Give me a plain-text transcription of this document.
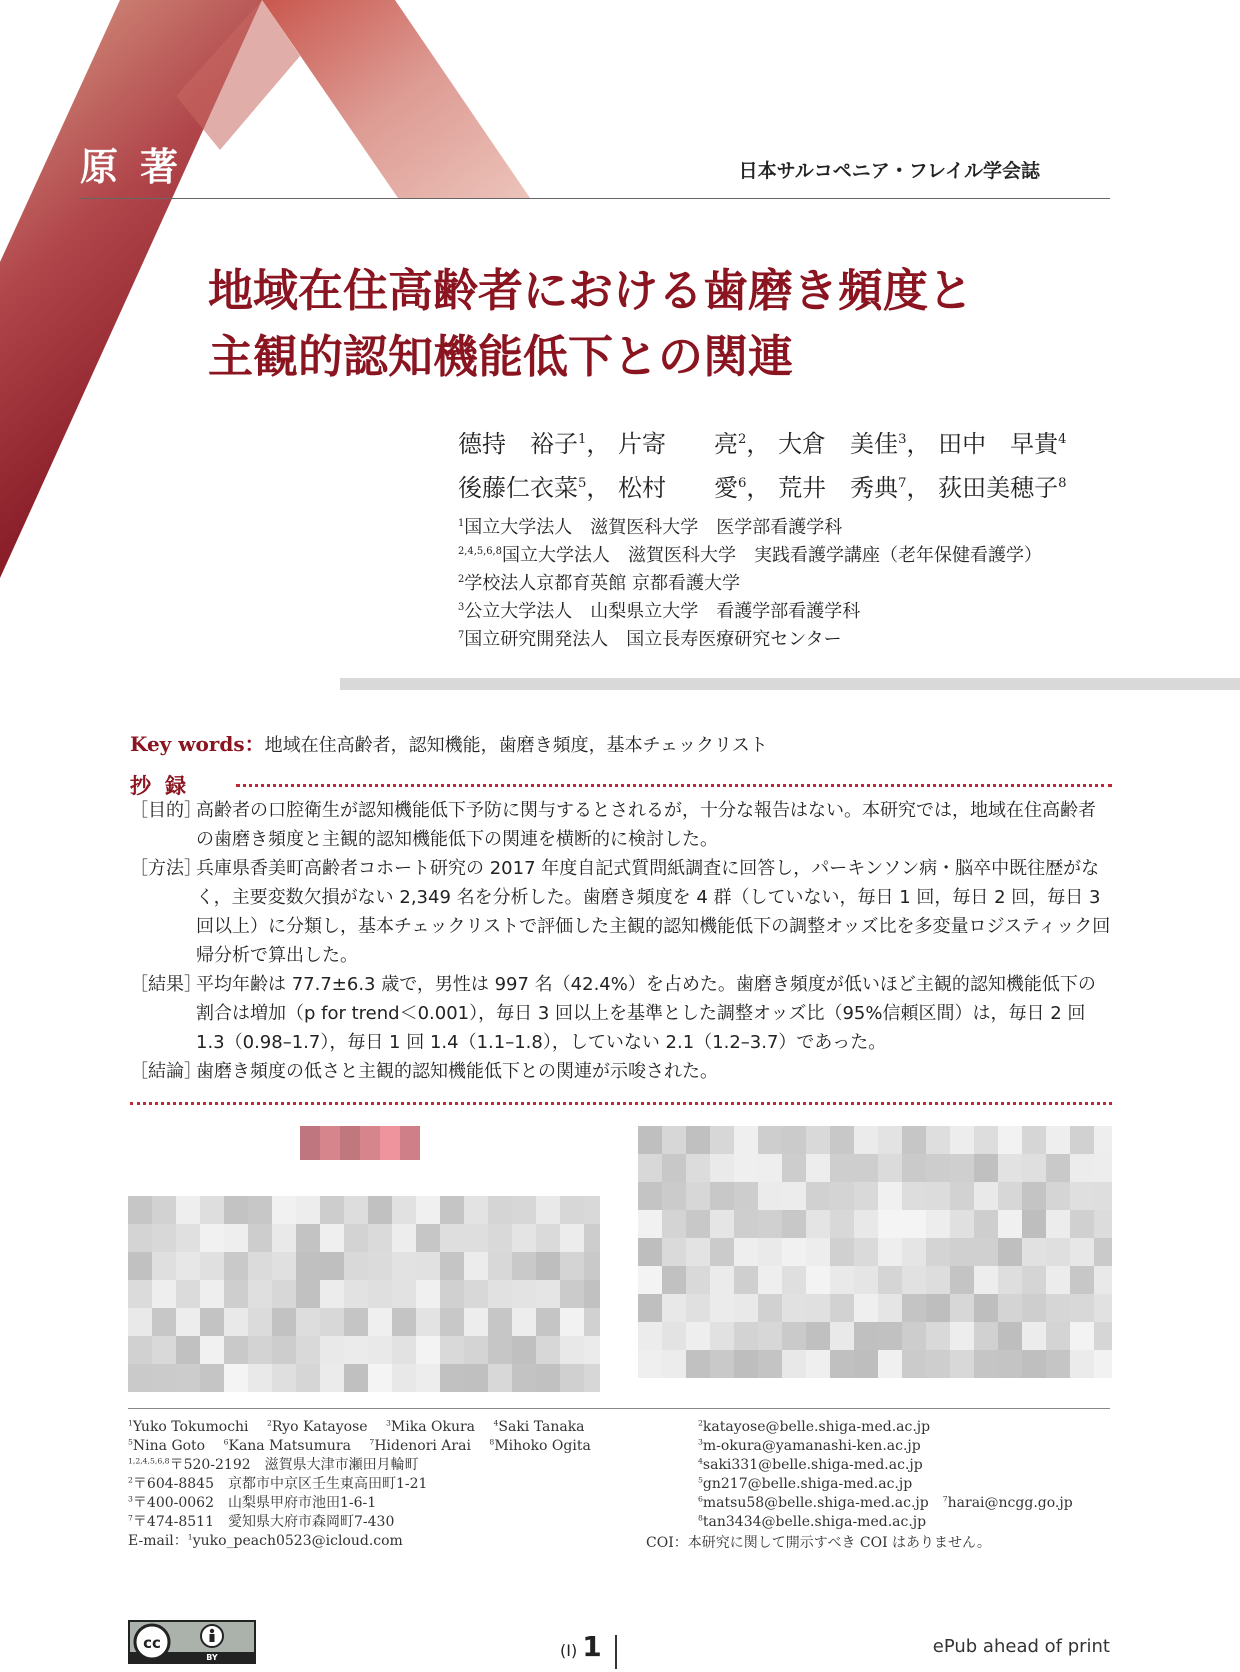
原著	日本サルコペニア・フレイル学会誌
地域在住高齢者における歯磨き頻度と
主観的認知機能低下との関連
德持　裕子$^1$， 片寄　　亮$^2$， 大倉　美佳$^3$， 田中　早貴$^4$
後藤仁衣菜$^5$， 松村　　愛$^6$， 荒井　秀典$^7$， 荻田美穂子$^8$
$^1$国立大学法人　滋賀医科大学　医学部看護学科
$^{2,4,5,6,8}$国立大学法人　滋賀医科大学　実践看護学講座（老年保健看護学）
$^2$学校法人京都育英館 京都看護大学
$^3$公立大学法人　山梨県立大学　看護学部看護学科
$^7$国立研究開発法人　国立長寿医療研究センター
Key words：地域在住高齢者，認知機能，歯磨き頻度，基本チェックリスト
抄録
［目的］
高齢者の口腔衛生が認知機能低下予防に関与するとされるが，十分な報告はない。本研究では，地域在住高齢者の歯磨き頻度と主観的認知機能低下の関連を横断的に検討した。
［方法］
兵庫県香美町高齢者コホート研究の 2017 年度自記式質問紙調査に回答し，パーキンソン病・脳卒中既往歴がなく，主要変数欠損がない 2,349 名を分析した。歯磨き頻度を 4 群（していない，毎日 1 回，毎日 2 回，毎日 3 回以上）に分類し，基本チェックリストで評価した主観的認知機能低下の調整オッズ比を多変量ロジスティック回帰分析で算出した。
［結果］
平均年齢は 77.7±6.3 歳で，男性は 997 名（42.4%）を占めた。歯磨き頻度が低いほど主観的認知機能低下の割合は増加（p for trend＜0.001），毎日 3 回以上を基準とした調整オッズ比（95%信頼区間）は，毎日 2 回 1.3（0.98–1.7），毎日 1 回 1.4（1.1–1.8），していない 2.1（1.2–3.7）であった。
［結論］
歯磨き頻度の低さと主観的認知機能低下との関連が示唆された。
$^1$Yuko Tokumochi　 $^2$Ryo Katayose　 $^3$Mika Okura　 $^4$Saki Tanaka
$^5$Nina Goto　 $^6$Kana Matsumura　 $^7$Hidenori Arai　 $^8$Mihoko Ogita
$^{1,2,4,5,6,8}$〒520-2192　滋賀県大津市瀬田月輪町
$^2$〒604-8845　京都市中京区壬生東高田町1-21
$^3$〒400-0062　山梨県甲府市池田1-6-1
$^7$〒474-8511　愛知県大府市森岡町7-430
E-mail：$^1$yuko_peach0523@icloud.com
$^2$katayose@belle.shiga-med.ac.jp
$^3$m-okura@yamanashi-ken.ac.jp
$^4$saki331@belle.shiga-med.ac.jp
$^5$gn217@belle.shiga-med.ac.jp
$^6$matsu58@belle.shiga-med.ac.jp　 $^7$harai@ncgg.go.jp
$^8$tan3434@belle.shiga-med.ac.jp
COI：本研究に関して開示すべき COI はありません。
cc
BY	(I) 1	ePub ahead of print
